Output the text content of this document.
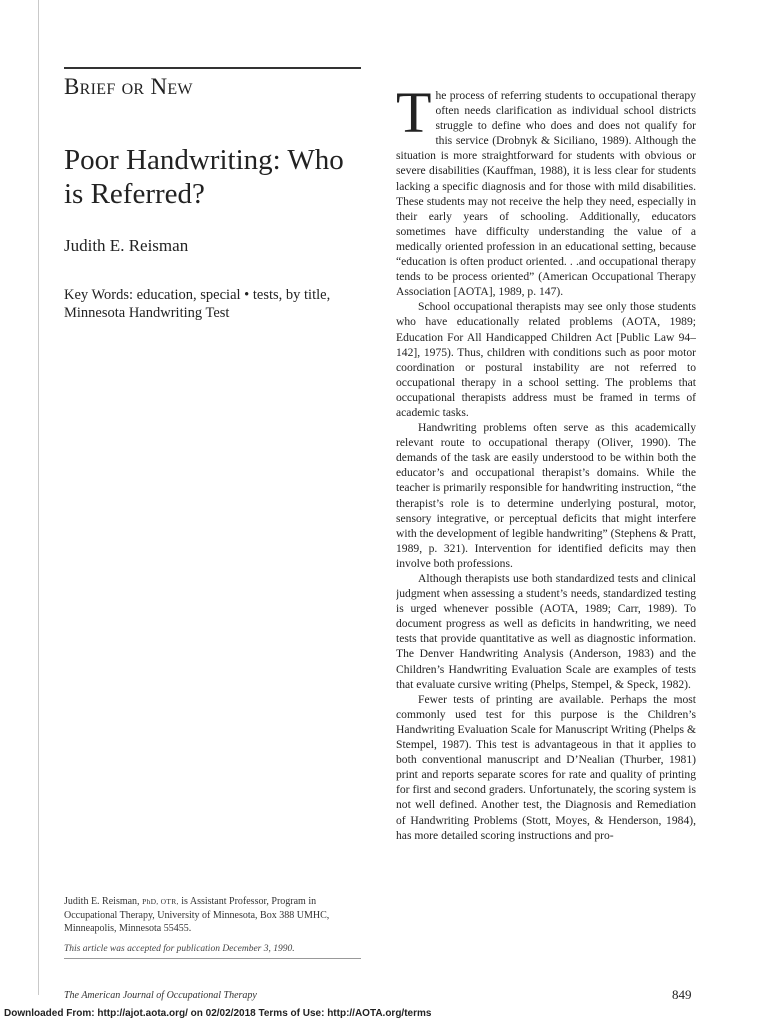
Brief or New
Poor Handwriting: Who is Referred?
Judith E. Reisman
Key Words: education, special • tests, by title, Minnesota Handwriting Test
Judith E. Reisman, PhD, OTR, is Assistant Professor, Program in Occupational Therapy, University of Minnesota, Box 388 UMHC, Minneapolis, Minnesota 55455.
This article was accepted for publication December 3, 1990.

The process of referring students to occupational therapy often needs clarification as individual school districts struggle to define who does and does not qualify for this service (Drobnyk & Siciliano, 1989). Although the situation is more straightforward for students with obvious or severe disabilities (Kauffman, 1988), it is less clear for students lacking a specific diagnosis and for those with mild disabilities. These students may not receive the help they need, especially in their early years of schooling. Additionally, educators sometimes have difficulty understanding the value of a medically oriented profession in an educational setting, because “education is often product oriented. . .and occupational therapy tends to be process oriented” (American Occupational Therapy Association [AOTA], 1989, p. 147).

School occupational therapists may see only those students who have educationally related problems (AOTA, 1989; Education For All Handicapped Children Act [Public Law 94–142], 1975). Thus, children with conditions such as poor motor coordination or postural instability are not referred to occupational therapy in a school setting. The problems that occupational therapists address must be framed in terms of academic tasks.

Handwriting problems often serve as this academically relevant route to occupational therapy (Oliver, 1990). The demands of the task are easily understood to be within both the educator’s and occupational therapist’s domains. While the teacher is primarily responsible for handwriting instruction, “the therapist’s role is to determine underlying postural, motor, sensory integrative, or perceptual deficits that might interfere with the development of legible handwriting” (Stephens & Pratt, 1989, p. 321). Intervention for identified deficits may then involve both professions.

Although therapists use both standardized tests and clinical judgment when assessing a student’s needs, standardized testing is urged whenever possible (AOTA, 1989; Carr, 1989). To document progress as well as deficits in handwriting, we need tests that provide quantitative as well as diagnostic information. The Denver Handwriting Analysis (Anderson, 1983) and the Children’s Handwriting Evaluation Scale are examples of tests that evaluate cursive writing (Phelps, Stempel, & Speck, 1982).

Fewer tests of printing are available. Perhaps the most commonly used test for this purpose is the Children’s Handwriting Evaluation Scale for Manuscript Writing (Phelps & Stempel, 1987). This test is advantageous in that it applies to both conventional manuscript and D’Nealian (Thurber, 1981) print and reports separate scores for rate and quality of printing for first and second graders. Unfortunately, the scoring system is not well defined. Another test, the Diagnosis and Remediation of Handwriting Problems (Stott, Moyes, & Henderson, 1984), has more detailed scoring instructions and pro-

The American Journal of Occupational Therapy	849
Downloaded From: http://ajot.aota.org/ on 02/02/2018 Terms of Use: http://AOTA.org/terms
